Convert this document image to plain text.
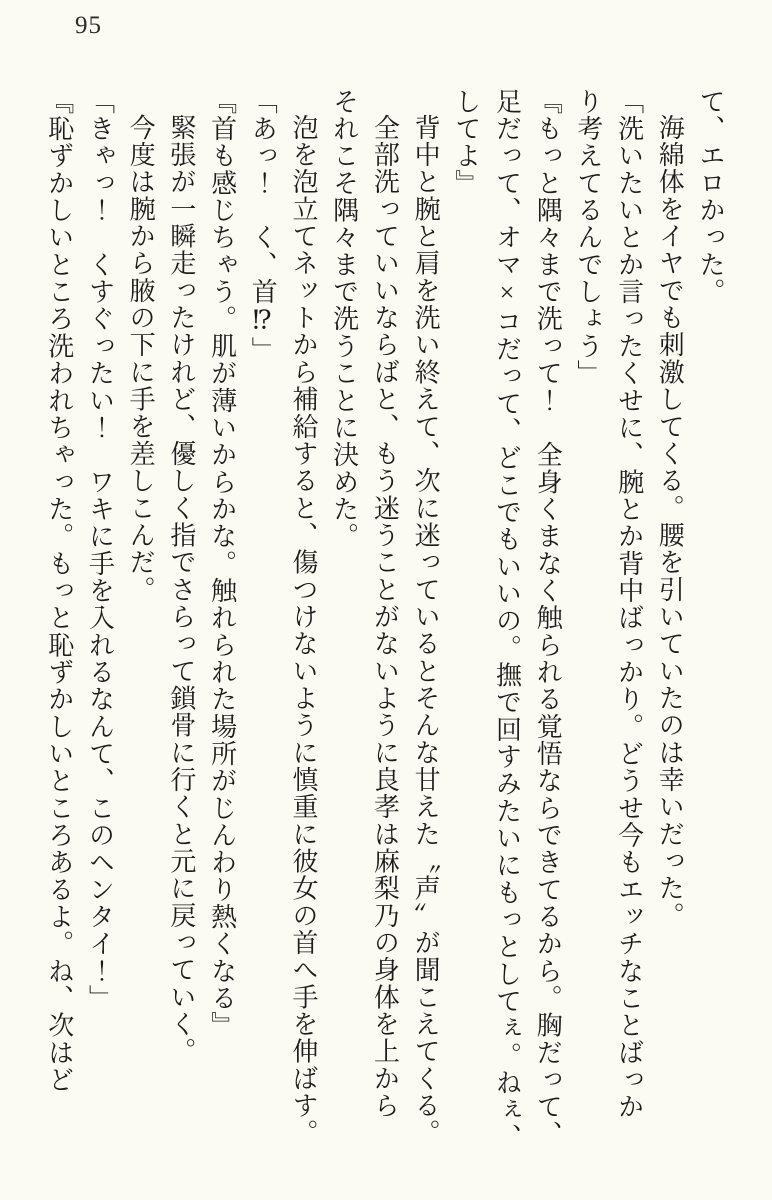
95

て、エロかった。

海綿体をイヤでも刺激してくる。腰を引いていたのは幸いだった。

「洗いたいとか言ったくせに、腕とか背中ばっかり。どうせ今もエッチなことばっか

り考えてるんでしょう」

『もっと隅々まで洗って！　全身くまなく触られる覚悟ならできてるから。胸だって、

足だって、オマ×コだって、どこでもいいの。撫で回すみたいにもっとしてぇ。ねぇ、

してよ』

背中と腕と肩を洗い終えて、次に迷っているとそんな甘えた〝声〟が聞こえてくる。

全部洗っていいならばと、もう迷うことがないように良孝は麻梨乃の身体を上から

それこそ隅々まで洗うことに決めた。

泡を泡立てネットから補給すると、傷つけないように慎重に彼女の首へ手を伸ばす。

「あっ！　く、首⁉」

『首も感じちゃう。肌が薄いからかな。触れられた場所がじんわり熱くなる』

緊張が一瞬走ったけれど、優しく指でさらって鎖骨に行くと元に戻っていく。

今度は腕から腋の下に手を差しこんだ。

「きゃっ！　くすぐったい！　ワキに手を入れるなんて、このヘンタイ！」

『恥ずかしいところ洗われちゃった。もっと恥ずかしいところあるよ。ね、次はど
